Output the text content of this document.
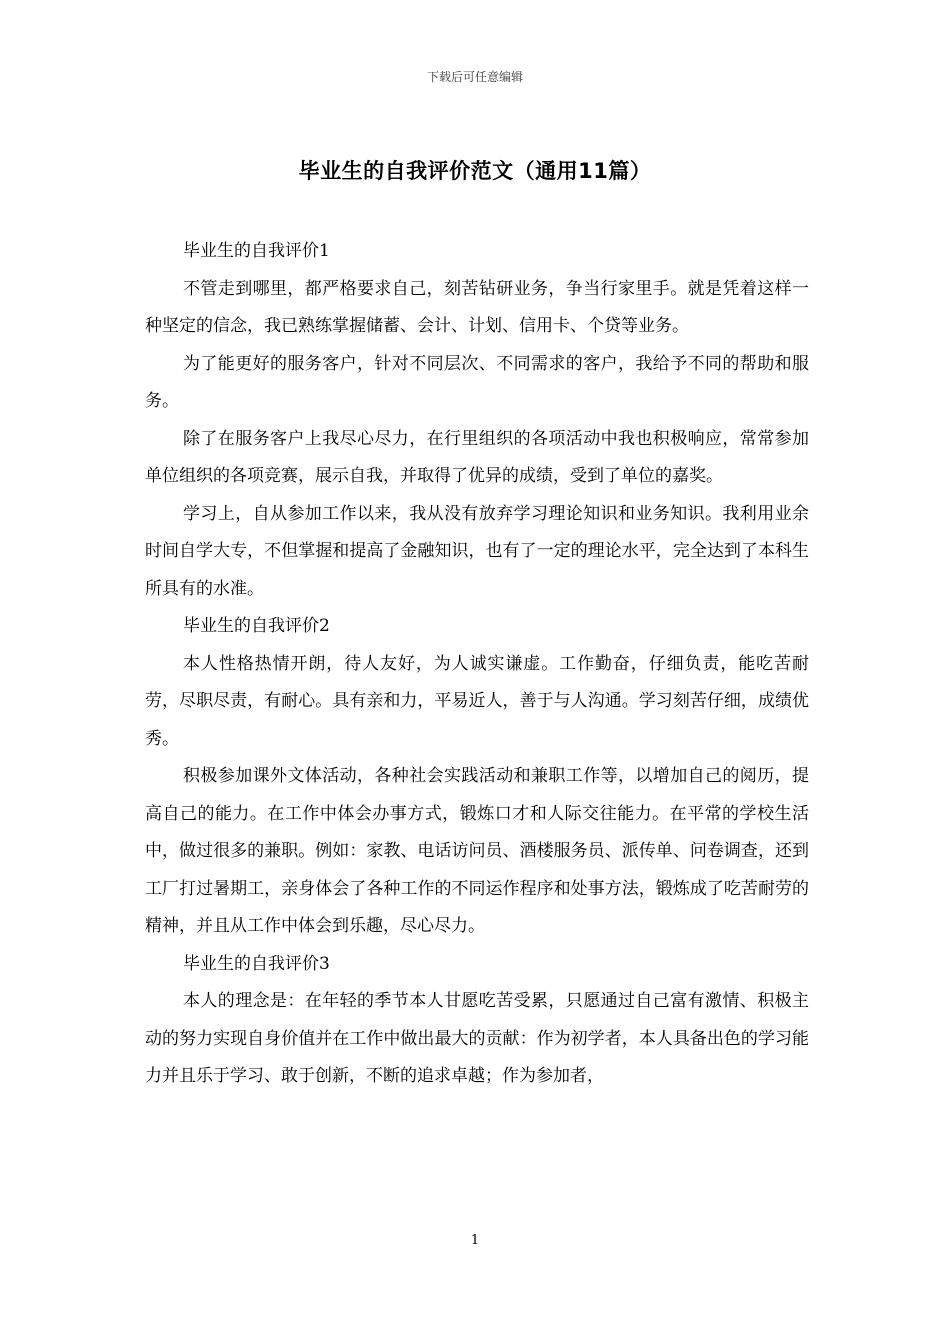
下载后可任意编辑
毕业生的自我评价范文（通用11篇）

毕业生的自我评价1

不管走到哪里，都严格要求自己，刻苦钻研业务，争当行家里手。就是凭着这样一种坚定的信念，我已熟练掌握储蓄、会计、计划、信用卡、个贷等业务。

为了能更好的服务客户，针对不同层次、不同需求的客户，我给予不同的帮助和服务。

除了在服务客户上我尽心尽力，在行里组织的各项活动中我也积极响应，常常参加单位组织的各项竞赛，展示自我，并取得了优异的成绩，受到了单位的嘉奖。

学习上，自从参加工作以来，我从没有放弃学习理论知识和业务知识。我利用业余时间自学大专，不但掌握和提高了金融知识，也有了一定的理论水平，完全达到了本科生所具有的水准。

毕业生的自我评价2

本人性格热情开朗，待人友好，为人诚实谦虚。工作勤奋，仔细负责，能吃苦耐劳，尽职尽责，有耐心。具有亲和力，平易近人，善于与人沟通。学习刻苦仔细，成绩优秀。

积极参加课外文体活动，各种社会实践活动和兼职工作等，以增加自己的阅历，提高自己的能力。在工作中体会办事方式，锻炼口才和人际交往能力。在平常的学校生活中，做过很多的兼职。例如：家教、电话访问员、酒楼服务员、派传单、问卷调查，还到工厂打过暑期工，亲身体会了各种工作的不同运作程序和处事方法，锻炼成了吃苦耐劳的精神，并且从工作中体会到乐趣，尽心尽力。

毕业生的自我评价3

本人的理念是：在年轻的季节本人甘愿吃苦受累，只愿通过自己富有激情、积极主动的努力实现自身价值并在工作中做出最大的贡献：作为初学者，本人具备出色的学习能力并且乐于学习、敢于创新，不断的追求卓越；作为参加者，

1
